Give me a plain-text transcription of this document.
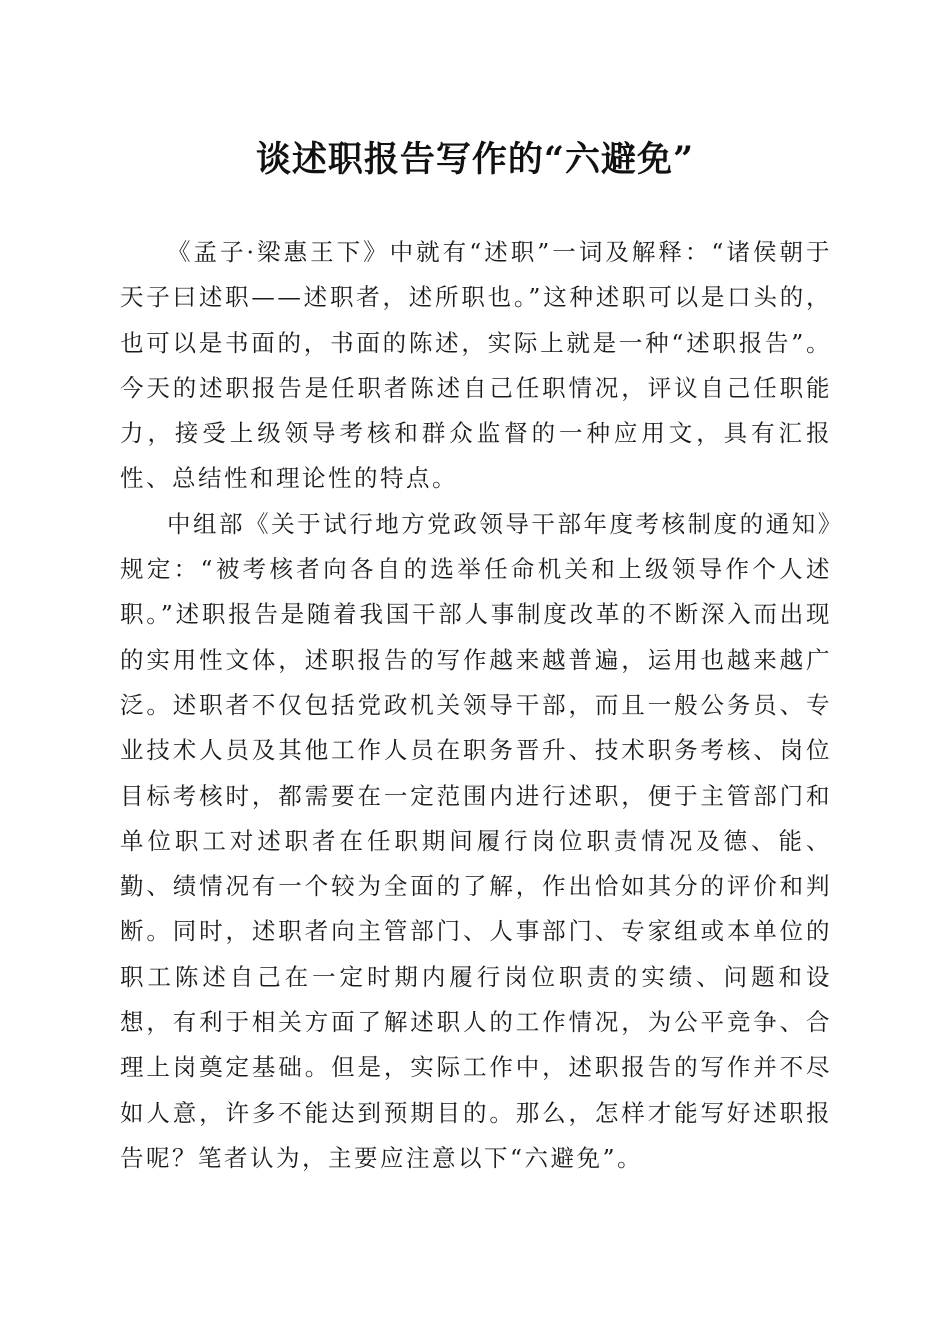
谈述职报告写作的“六避免”

《孟子·梁惠王下》中就有“述职”一词及解释：“诸侯朝于天子曰述职——述职者，述所职也。”这种述职可以是口头的，也可以是书面的，书面的陈述，实际上就是一种“述职报告”。今天的述职报告是任职者陈述自己任职情况，评议自己任职能力，接受上级领导考核和群众监督的一种应用文，具有汇报性、总结性和理论性的特点。

中组部《关于试行地方党政领导干部年度考核制度的通知》规定：“被考核者向各自的选举任命机关和上级领导作个人述职。”述职报告是随着我国干部人事制度改革的不断深入而出现的实用性文体，述职报告的写作越来越普遍，运用也越来越广泛。述职者不仅包括党政机关领导干部，而且一般公务员、专业技术人员及其他工作人员在职务晋升、技术职务考核、岗位目标考核时，都需要在一定范围内进行述职，便于主管部门和单位职工对述职者在任职期间履行岗位职责情况及德、能、勤、绩情况有一个较为全面的了解，作出恰如其分的评价和判断。同时，述职者向主管部门、人事部门、专家组或本单位的职工陈述自己在一定时期内履行岗位职责的实绩、问题和设想，有利于相关方面了解述职人的工作情况，为公平竞争、合理上岗奠定基础。但是，实际工作中，述职报告的写作并不尽如人意，许多不能达到预期目的。那么，怎样才能写好述职报告呢？笔者认为，主要应注意以下“六避免”。
